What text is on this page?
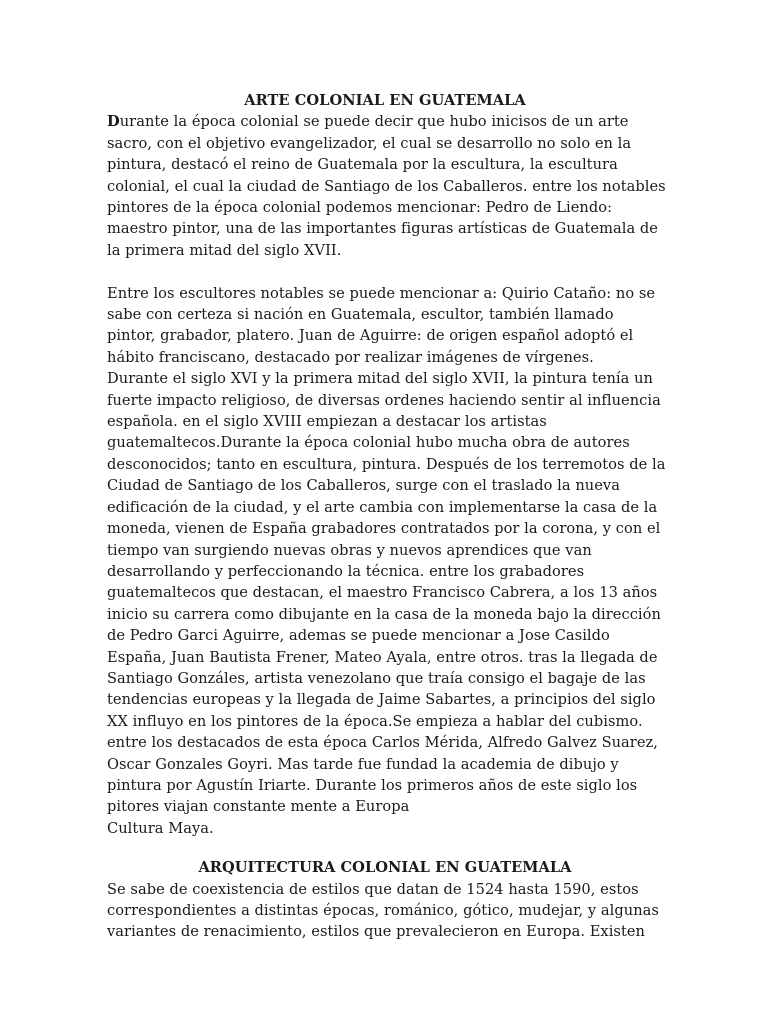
ARTE COLONIAL EN GUATEMALA
Durante la época colonial se puede decir que hubo inicisos de un arte
sacro, con el objetivo evangelizador, el cual se desarrollo no solo en la
pintura, destacó el reino de Guatemala por la escultura, la escultura
colonial, el cual la ciudad de Santiago de los Caballeros. entre los notables
pintores de la época colonial podemos mencionar: Pedro de Liendo:
maestro pintor, una de las importantes figuras artísticas de Guatemala de
la primera mitad del siglo XVII.
Entre los escultores notables se puede mencionar a: Quirio Cataño: no se
sabe con certeza si nación en Guatemala, escultor, también llamado
pintor, grabador, platero. Juan de Aguirre: de origen español adoptó el
hábito franciscano, destacado por realizar imágenes de vírgenes.
Durante el siglo XVI y la primera mitad del siglo XVII, la pintura tenía un
fuerte impacto religioso, de diversas ordenes haciendo sentir al influencia
española. en el siglo XVIII empiezan a destacar los artistas
guatemaltecos.Durante la época colonial hubo mucha obra de autores
desconocidos; tanto en escultura, pintura. Después de los terremotos de la
Ciudad de Santiago de los Caballeros, surge con el traslado la nueva
edificación de la ciudad, y el arte cambia con implementarse la casa de la
moneda, vienen de España grabadores contratados por la corona, y con el
tiempo van surgiendo nuevas obras y nuevos aprendices que van
desarrollando y perfeccionando la técnica. entre los grabadores
guatemaltecos que destacan, el maestro Francisco Cabrera, a los 13 años
inicio su carrera como dibujante en la casa de la moneda bajo la dirección
de Pedro Garci Aguirre, ademas se puede mencionar a Jose Casildo
España, Juan Bautista Frener, Mateo Ayala, entre otros. tras la llegada de
Santiago Gonzáles, artista venezolano que traía consigo el bagaje de las
tendencias europeas y la llegada de Jaime Sabartes, a principios del siglo
XX influyo en los pintores de la época.Se empieza a hablar del cubismo.
entre los destacados de esta época Carlos Mérida, Alfredo Galvez Suarez,
Oscar Gonzales Goyri. Mas tarde fue fundad la academia de dibujo y
pintura por Agustín Iriarte. Durante los primeros años de este siglo los
pitores viajan constante mente a Europa
Cultura Maya.
ARQUITECTURA COLONIAL EN GUATEMALA
Se sabe de coexistencia de estilos que datan de 1524 hasta 1590, estos
correspondientes a distintas épocas, románico, gótico, mudejar, y algunas
variantes de renacimiento, estilos que prevalecieron en Europa. Existen
